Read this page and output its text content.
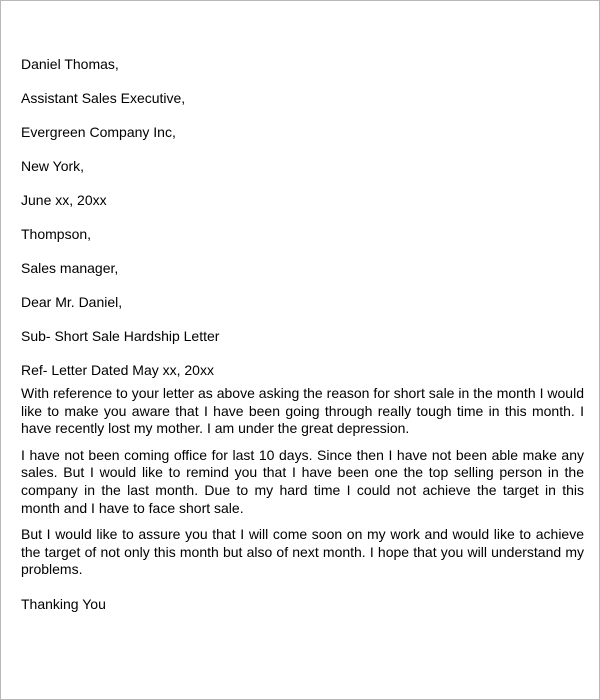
Daniel Thomas,
Assistant Sales Executive,
Evergreen Company Inc,
New York,
June xx, 20xx
Thompson,
Sales manager,
Dear Mr. Daniel,
Sub- Short Sale Hardship Letter
Ref- Letter Dated May xx, 20xx

With reference to your letter as above asking the reason for short sale in the month I would like to make you aware that I have been going through really tough time in this month. I have recently lost my mother. I am under the great depression.

I have not been coming office for last 10 days. Since then I have not been able make any sales. But I would like to remind you that I have been one the top selling person in the company in the last month. Due to my hard time I could not achieve the target in this month and I have to face short sale.

But I would like to assure you that I will come soon on my work and would like to achieve the target of not only this month but also of next month. I hope that you will understand my problems.

Thanking You
